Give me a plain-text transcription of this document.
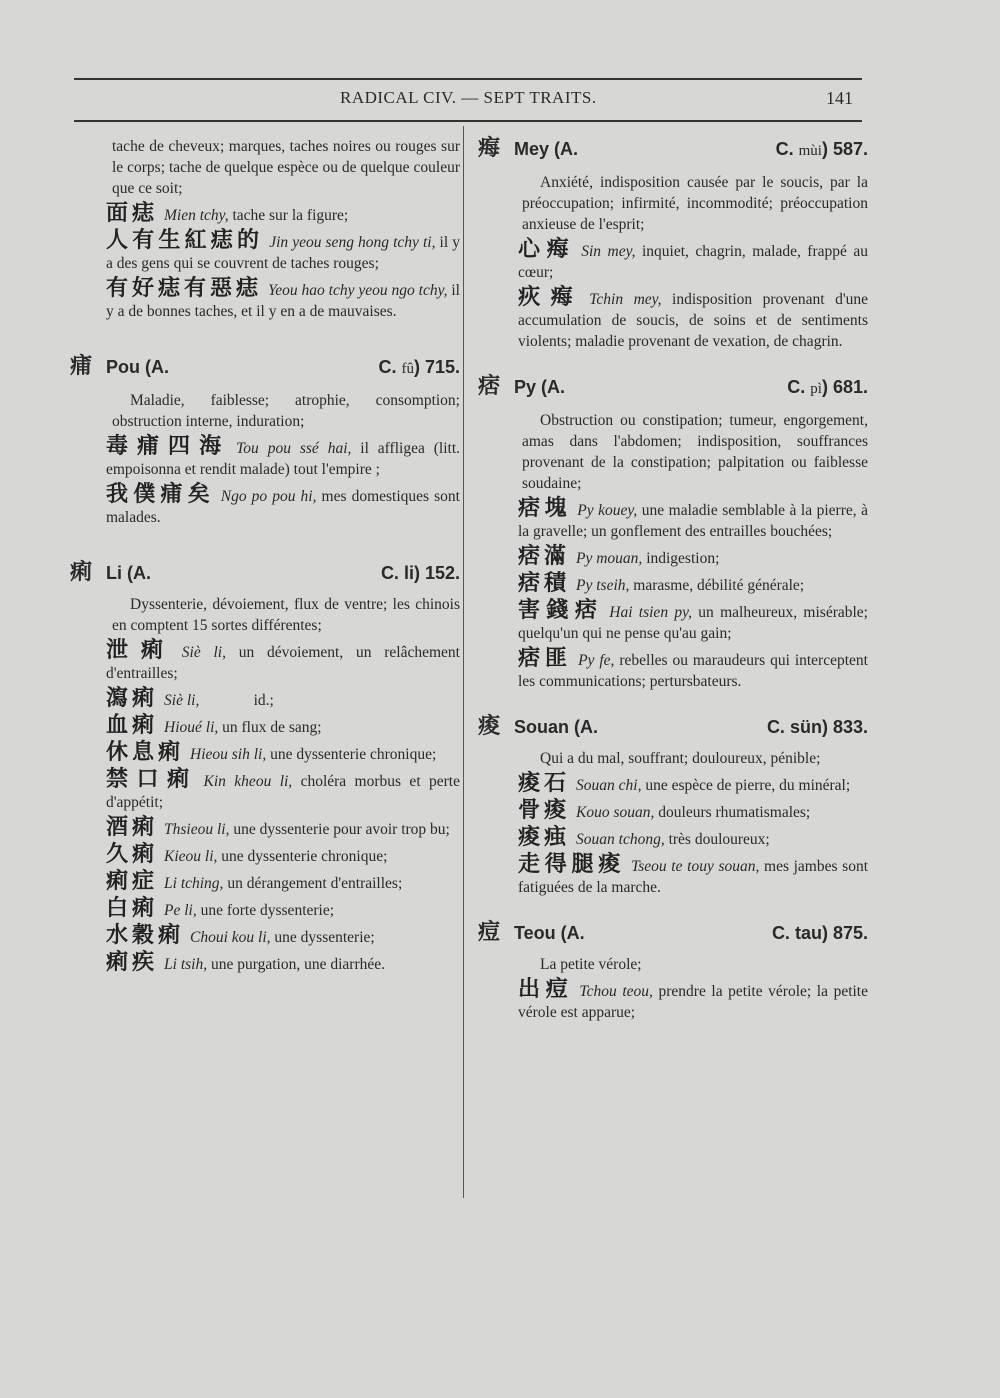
RADICAL CIV. — SEPT TRAITS.	141

tache de cheveux; marques, taches noires ou rouges sur le corps; tache de quelque espèce ou de quelque couleur que ce soit;

面痣 Mien tchy, tache sur la figure;

人有生紅痣的 Jin yeou seng hong tchy ti, il y a des gens qui se couvrent de taches rouges;

有好痣有惡痣 Yeou hao tchy yeou ngo tchy, il y a de bonnes taches, et il y en a de mauvaises.

痡 Pou (A.	C. fû) 715.

Maladie, faiblesse; atrophie, consomption; obstruction interne, induration;

毒痡四海 Tou pou ssé hai, il affligea (litt. empoisonna et rendit malade) tout l'empire ;

我僕痡矣 Ngo po pou hi, mes domestiques sont malades.

痢 Li (A.	C. li) 152.

Dyssenterie, dévoiement, flux de ventre; les chinois en comptent 15 sortes différentes;

泄痢 Siè li, un dévoiement, un relâchement d'entrailles;

瀉痢 Siè li,              id.;

血痢 Hioué li, un flux de sang;

休息痢 Hieou sih li, une dyssenterie chronique;

禁口痢 Kin kheou li, choléra morbus et perte d'appétit;

酒痢 Thsieou li, une dyssenterie pour avoir trop bu;

久痢 Kieou li, une dyssenterie chronique;

痢症 Li tching, un dérangement d'entrailles;

白痢 Pe li, une forte dyssenterie;

水穀痢 Choui kou li, une dyssenterie;

痢疾 Li tsih, une purgation, une diarrhée.

痗 Mey (A.	C. mùi) 587.

Anxiété, indisposition causée par le soucis, par la préoccupation; infirmité, incommodité; préoccupation anxieuse de l'esprit;

心痗 Sin mey, inquiet, chagrin, malade, frappé au cœur;

疢痗 Tchin mey, indisposition provenant d'une accumulation de soucis, de soins et de sentiments violents; maladie provenant de vexation, de chagrin.

痞 Py (A.	C. pì) 681.

Obstruction ou constipation; tumeur, engorgement, amas dans l'abdomen; indisposition, souffrances provenant de la constipation; palpitation ou faiblesse soudaine;

痞塊 Py kouey, une maladie semblable à la pierre, à la gravelle; un gonflement des entrailles bouchées;

痞滿 Py mouan, indigestion;

痞積 Py tseih, marasme, débilité générale;

害錢痞 Hai tsien py, un malheureux, misérable; quelqu'un qui ne pense qu'au gain;

痞匪 Py fe, rebelles ou maraudeurs qui interceptent les communications; pertursbateurs.

痠 Souan (A.	C. sün) 833.

Qui a du mal, souffrant; douloureux, pénible;

痠石 Souan chi, une espèce de pierre, du minéral;

骨痠 Kouo souan, douleurs rhumatismales;

痠痋 Souan tchong, très douloureux;

走得腿痠 Tseou te touy souan, mes jambes sont fatiguées de la marche.

痘 Teou (A.	C. tau) 875.

La petite vérole;

出痘 Tchou teou, prendre la petite vérole; la petite vérole est apparue;
